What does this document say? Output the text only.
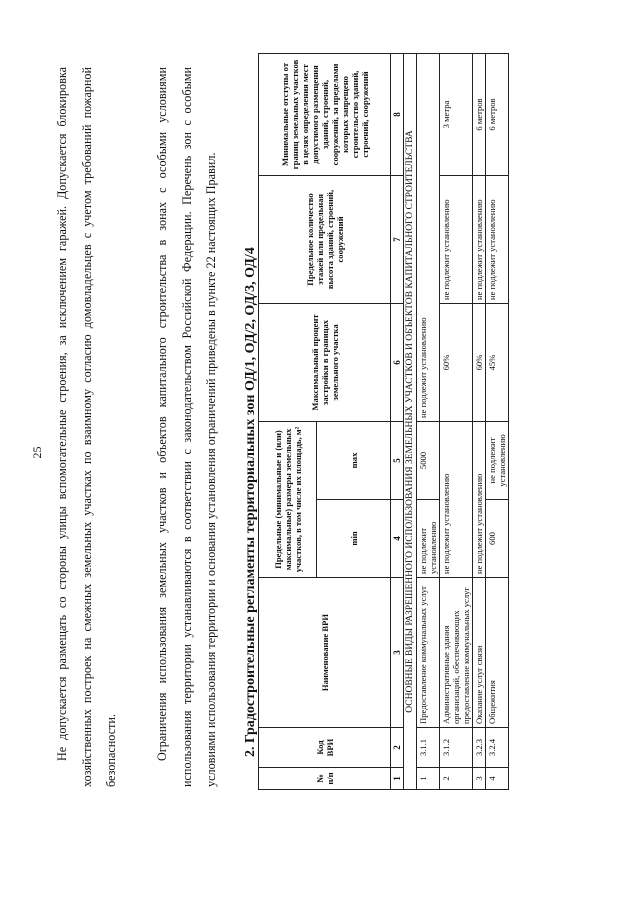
25 Не допускается размещать со стороны улицы вспомогательные строения, за исключением гаражей. Допускается блокировка хозяйственных построек на смежных земельных участках по взаимному согласию домовладельцев с учетом требований пожарной безопасности.	Ограничения использования земельных участков и объектов капитального строительства в зонах с особыми условиями использования территории устанавливаются в соответствии с законодательством Российской Федерации. Перечень зон с особыми условиями использования территории и основания установления ограничений приведены в пункте 22 настоящих Правил.	2. Градостроительные регламенты территориальных зон ОД/1, ОД/2, ОД/3, ОД/4
№ п/п	Код ВРИ	Наименование ВРИ	Предельные (минимальные и (или) максимальные) размеры земельных участков, в том числе их площадь, м²		Максимальный процент застройки в границах земельного участка	Предельное количество этажей или предельная высота зданий, строений, сооружений	Минимальные отступы от границ земельных участков в целях определения мест допустимого размещения зданий, строений, сооружений, за пределами которых запрещено строительство зданий, строений, сооружений
			min	max			
1	2	3	4	5	6	7	8
ОСНОВНЫЕ ВИДЫ РАЗРЕШЕННОГО ИСПОЛЬЗОВАНИЯ ЗЕМЕЛЬНЫХ УЧАСТКОВ И ОБЪЕКТОВ КАПИТАЛЬНОГО СТРОИТЕЛЬСТВА							
1	3.1.1	Предоставление коммунальных услуг	не подлежит установлению	5000	не подлежит установлению		
2	3.1.2	Административные здания организаций, обеспечивающих предоставление коммунальных услуг	не подлежит установлению		60%	не подлежит установлению	3 метра
3	3.2.3	Оказание услуг связи	не подлежит установлению		60%	не подлежит установлению	6 метров
4	3.2.4	Общежития	600	не подлежит установлению	45%	не подлежит установлению	6 метров
